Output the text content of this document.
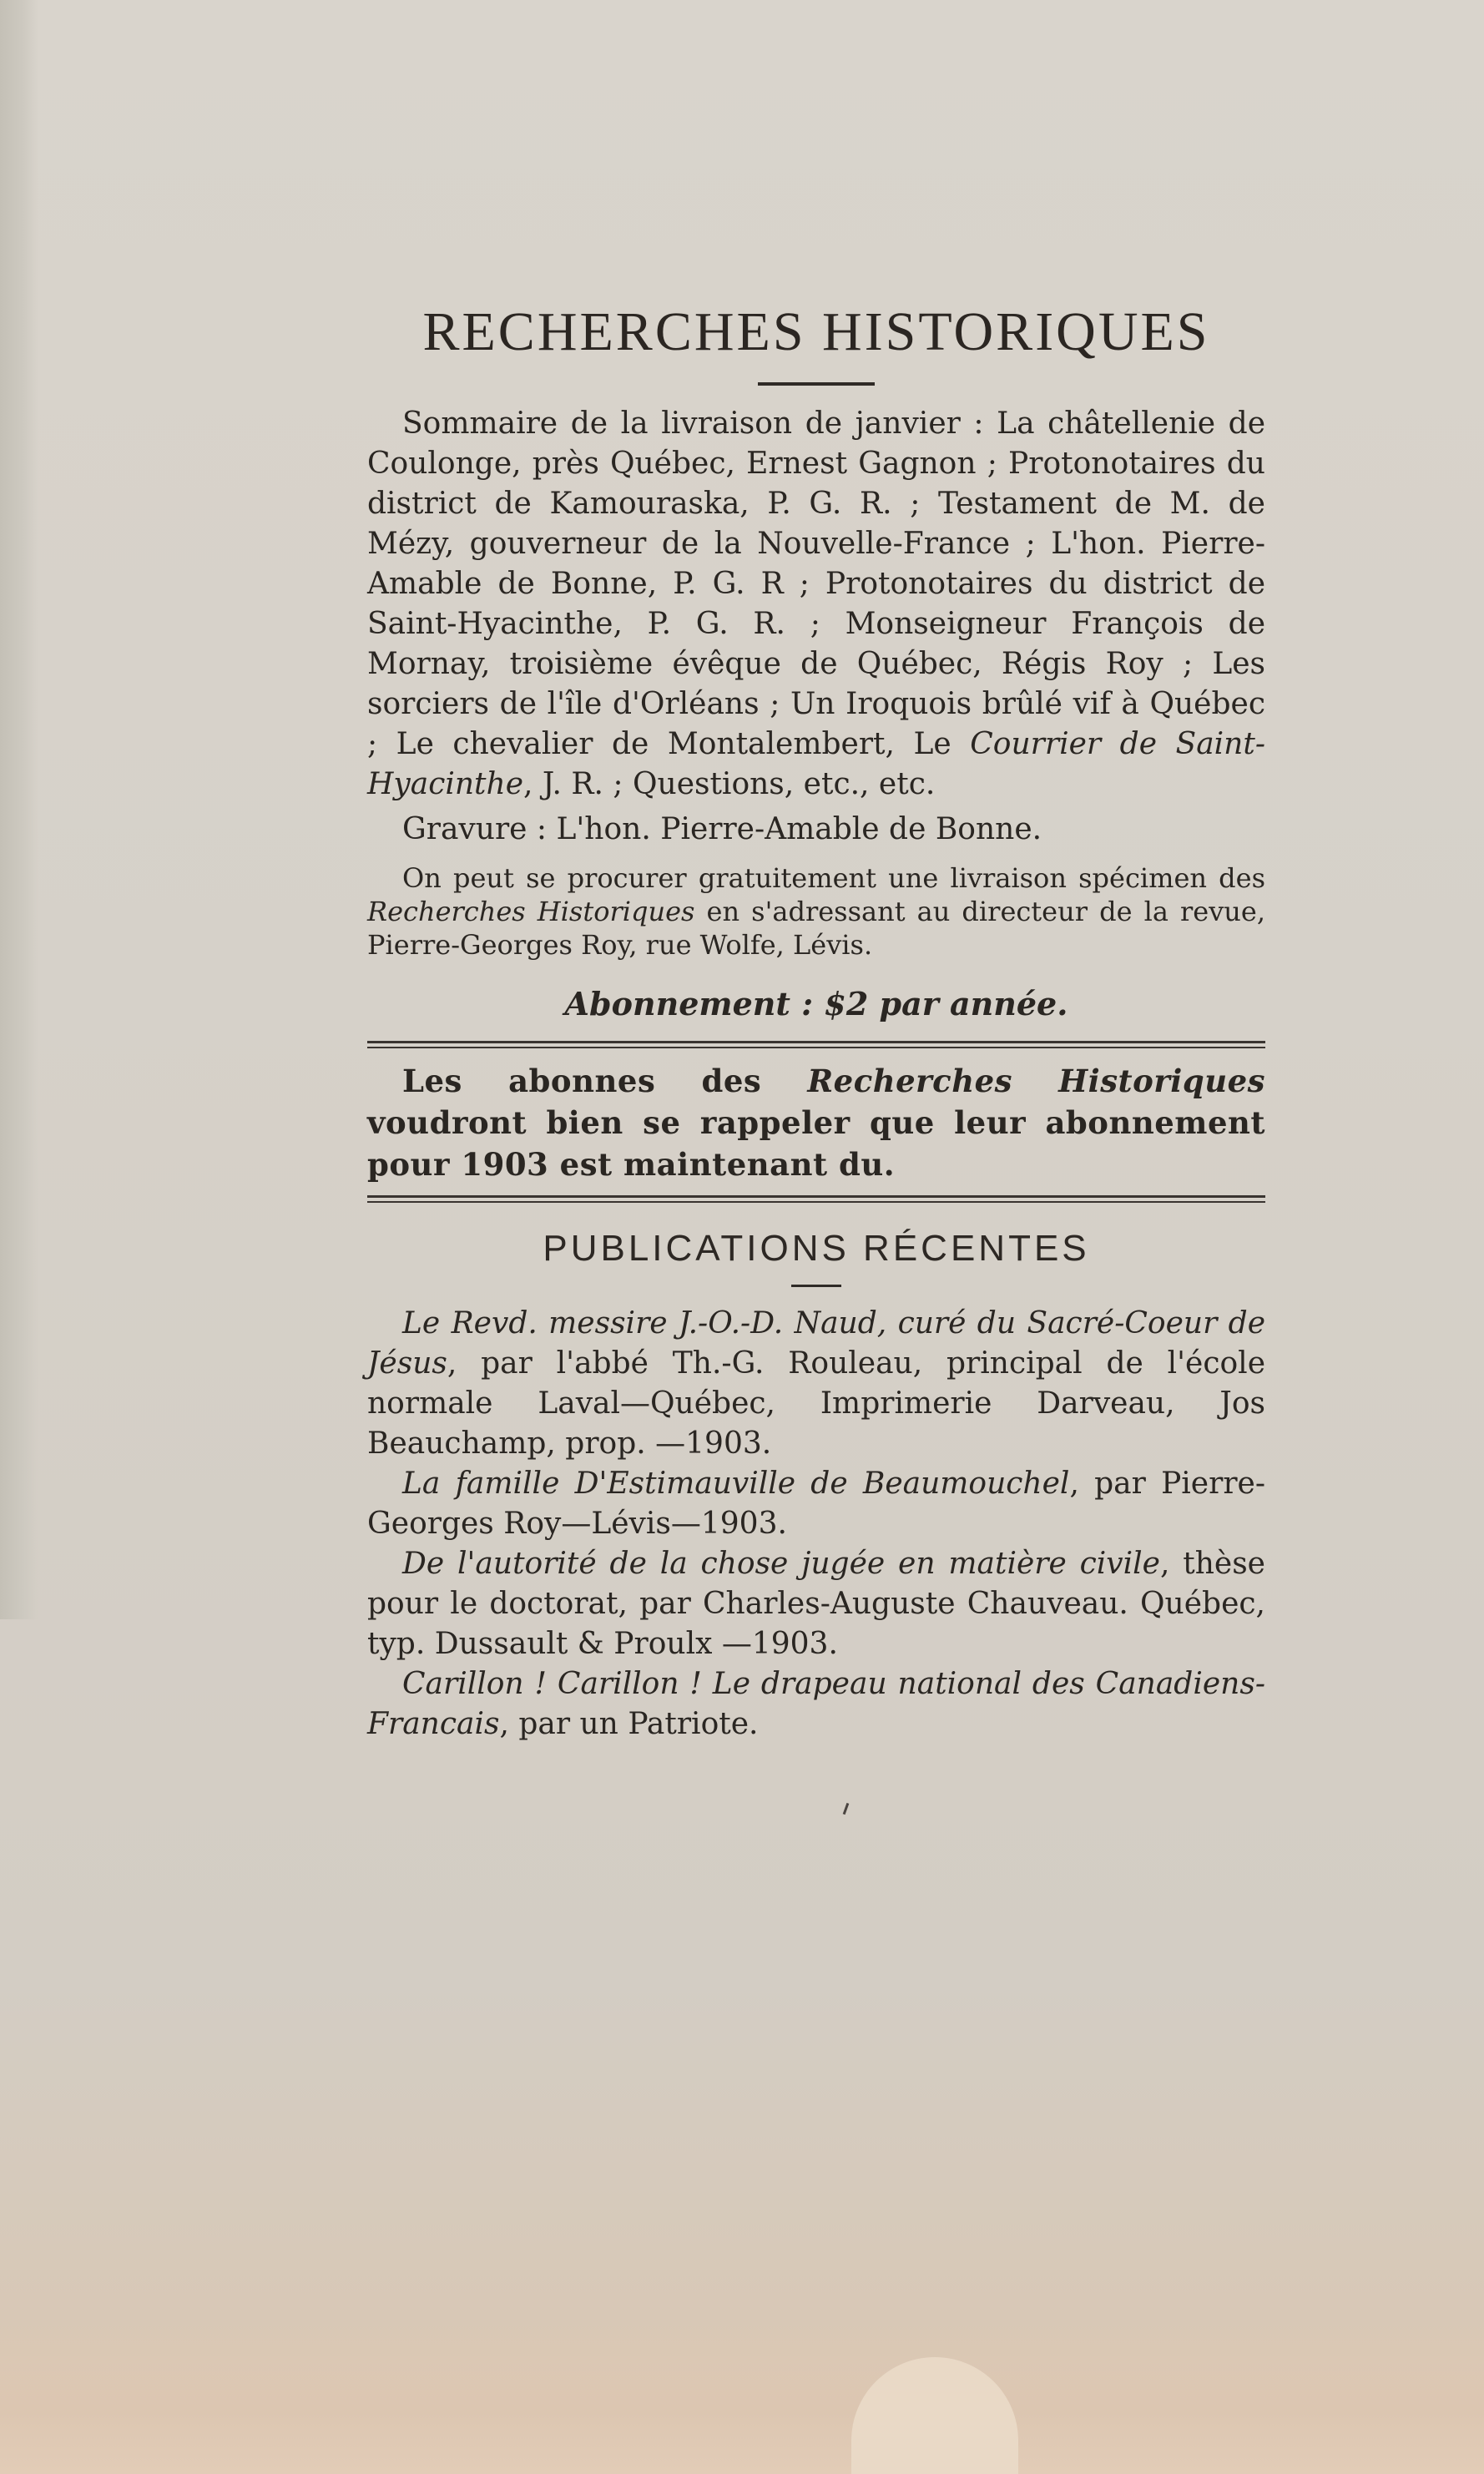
RECHERCHES HISTORIQUES

Sommaire de la livraison de janvier : La châtellenie de Coulonge, près Québec, Ernest Gagnon ; Protonotaires du district de Kamouraska, P. G. R. ; Testament de M. de Mézy, gouverneur de la Nouvelle-France ; L'hon. Pierre-Amable de Bonne, P. G. R ; Protonotaires du district de Saint-Hyacinthe, P. G. R. ; Monseigneur François de Mornay, troisième évêque de Québec, Régis Roy ; Les sorciers de l'île d'Orléans ; Un Iroquois brûlé vif à Québec ; Le chevalier de Montalembert, Le Courrier de Saint-Hyacinthe, J. R. ; Questions, etc., etc.

Gravure : L'hon. Pierre-Amable de Bonne.

On peut se procurer gratuitement une livraison spécimen des Recherches Historiques en s'adressant au directeur de la revue, Pierre-Georges Roy, rue Wolfe, Lévis.

Abonnement : $2 par année.

Les abonnes des Recherches Historiques voudront bien se rappeler que leur abonnement pour 1903 est maintenant du.

PUBLICATIONS RÉCENTES

Le Revd. messire J.-O.-D. Naud, curé du Sacré-Coeur de Jésus, par l'abbé Th.-G. Rouleau, principal de l'école normale Laval—Québec, Imprimerie Darveau, Jos Beauchamp, prop. —1903.

La famille D'Estimauville de Beaumouchel, par Pierre-Georges Roy—Lévis—1903.

De l'autorité de la chose jugée en matière civile, thèse pour le doctorat, par Charles-Auguste Chauveau. Québec, typ. Dussault & Proulx —1903.

Carillon ! Carillon ! Le drapeau national des Canadiens-Francais, par un Patriote.
